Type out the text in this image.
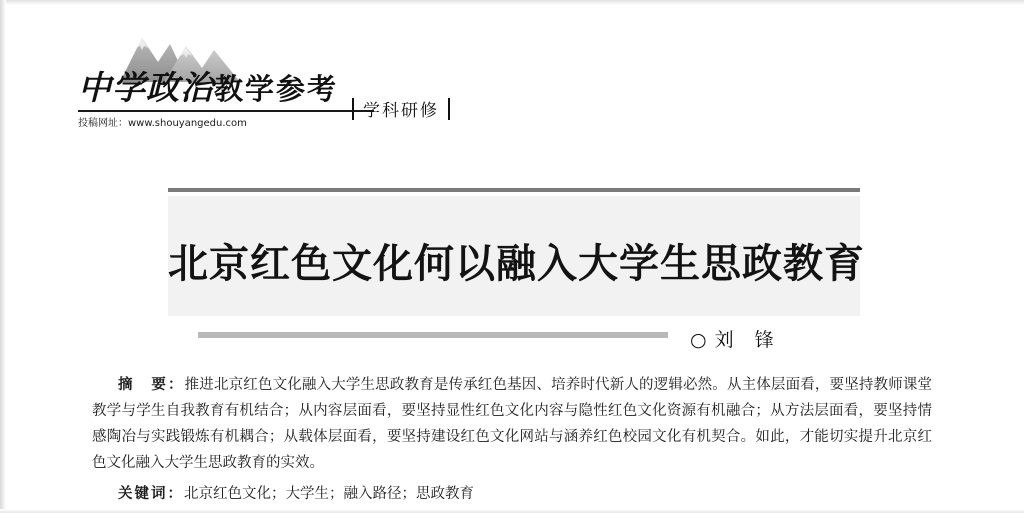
中学政治教学参考
投稿网址：www.shouyangedu.com
学科研修
北京红色文化何以融入大学生思政教育
○ 刘　锋
摘　要：推进北京红色文化融入大学生思政教育是传承红色基因、培养时代新人的逻辑必然。从主体层面看，要坚持教师课堂教学与学生自我教育有机结合；从内容层面看，要坚持显性红色文化内容与隐性红色文化资源有机融合；从方法层面看，要坚持情感陶冶与实践锻炼有机耦合；从载体层面看，要坚持建设红色文化网站与涵养红色校园文化有机契合。如此，才能切实提升北京红色文化融入大学生思政教育的实效。
关键词：北京红色文化；大学生；融入路径；思政教育
